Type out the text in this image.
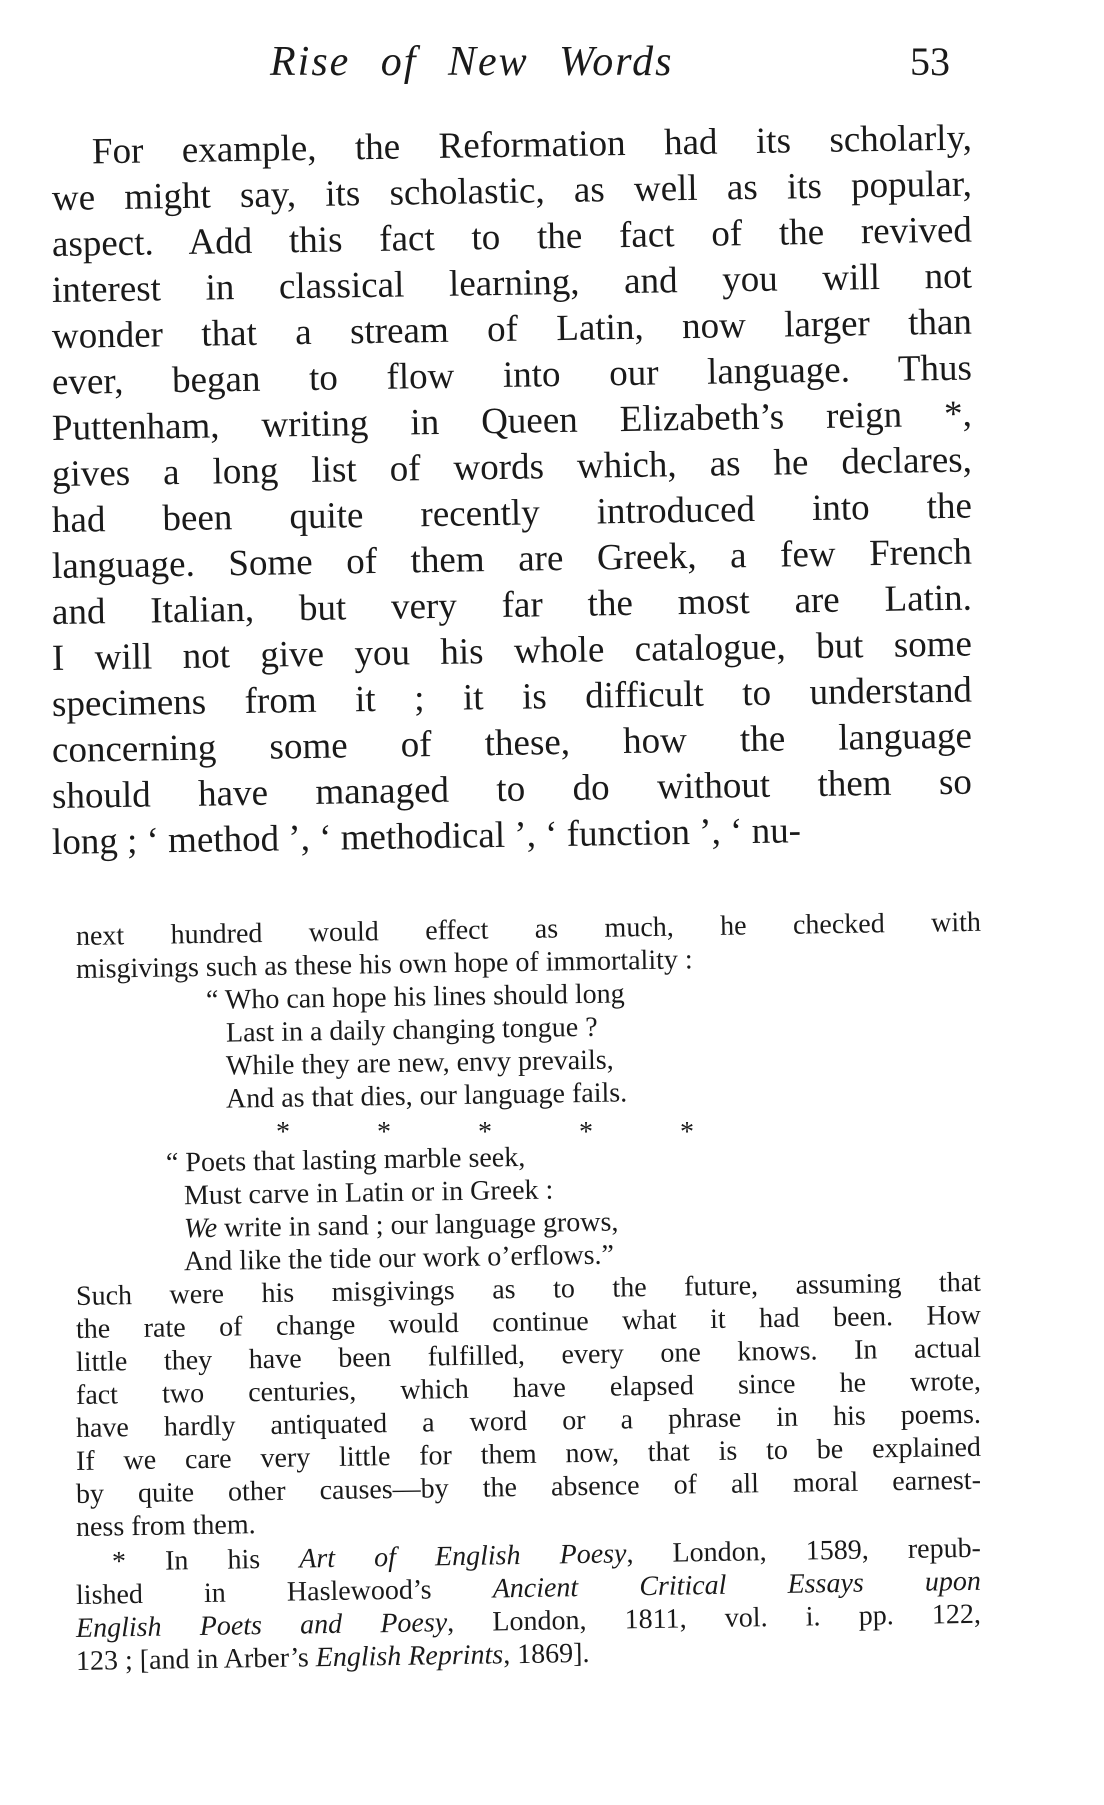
Rise of New Words	53
For example, the Reformation had its scholarly,
we might say, its scholastic, as well as its popular,
aspect. Add this fact to the fact of the revived
interest in classical learning, and you will not
wonder that a stream of Latin, now larger than
ever, began to flow into our language. Thus
Puttenham, writing in Queen Elizabeth’s reign *,
gives a long list of words which, as he declares,
had been quite recently introduced into the
language. Some of them are Greek, a few French
and Italian, but very far the most are Latin.
I will not give you his whole catalogue, but some
specimens from it ; it is difficult to understand
concerning some of these, how the language
should have managed to do without them so
long ; ‘ method ’, ‘ methodical ’, ‘ function ’, ‘ nu-
next hundred would effect as much, he checked with
misgivings such as these his own hope of immortality :
“ Who can hope his lines should long
Last in a daily changing tongue ?
While they are new, envy prevails,
And as that dies, our language fails.
* * * * *
“ Poets that lasting marble seek,
Must carve in Latin or in Greek :
We write in sand ; our language grows,
And like the tide our work o’erflows.”
Such were his misgivings as to the future, assuming that
the rate of change would continue what it had been. How
little they have been fulfilled, every one knows. In actual
fact two centuries, which have elapsed since he wrote,
have hardly antiquated a word or a phrase in his poems.
If we care very little for them now, that is to be explained
by quite other causes—by the absence of all moral earnest-
ness from them.
* In his Art of English Poesy, London, 1589, repub-
lished in Haslewood’s Ancient Critical Essays upon
English Poets and Poesy, London, 1811, vol. i. pp. 122,
123 ; [and in Arber’s English Reprints, 1869].
